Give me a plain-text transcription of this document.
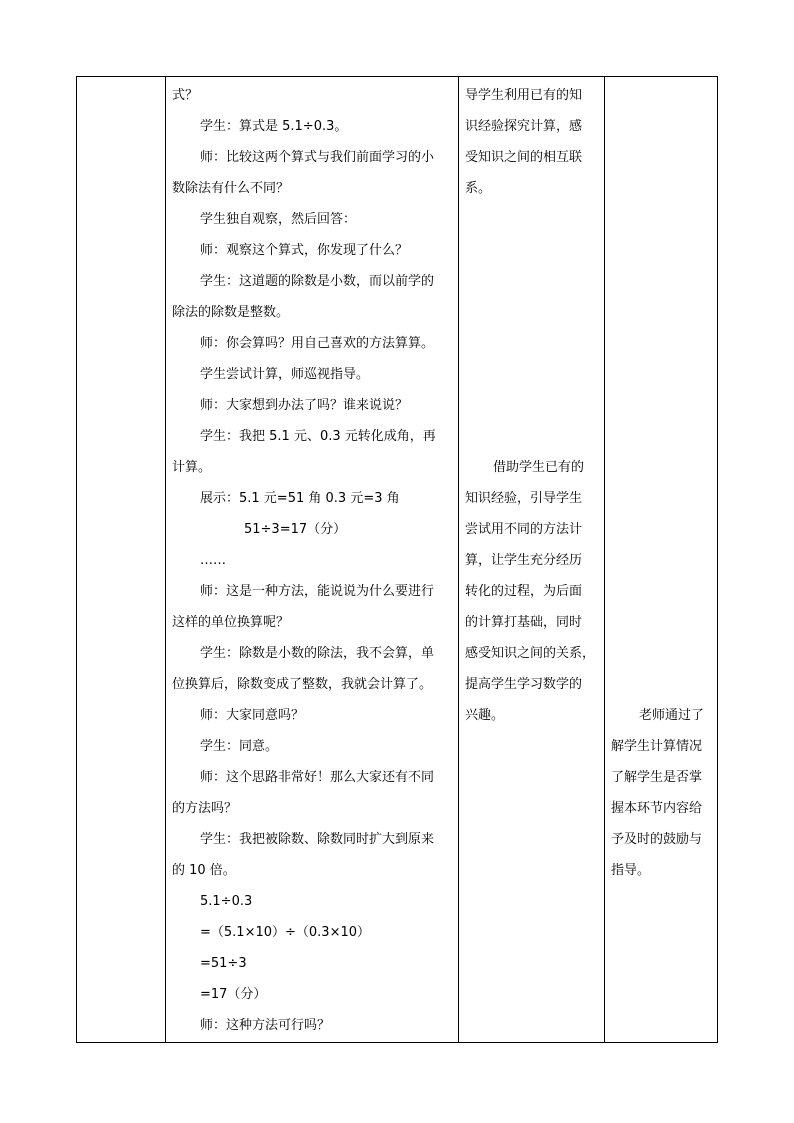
式？
学生：算式是 5.1÷0.3。
师：比较这两个算式与我们前面学习的小
数除法有什么不同？
学生独自观察，然后回答：
师：观察这个算式，你发现了什么？
学生：这道题的除数是小数，而以前学的
除法的除数是整数。
师：你会算吗？用自己喜欢的方法算算。
学生尝试计算，师巡视指导。
师：大家想到办法了吗？谁来说说？
学生：我把 5.1 元、0.3 元转化成角，再
计算。
展示：5.1 元=51 角 0.3 元=3 角
51÷3=17（分）
……
师：这是一种方法，能说说为什么要进行
这样的单位换算呢？
学生：除数是小数的除法，我不会算，单
位换算后，除数变成了整数，我就会计算了。
师：大家同意吗？
学生：同意。
师：这个思路非常好！那么大家还有不同
的方法吗？
学生：我把被除数、除数同时扩大到原来
的 10 倍。
5.1÷0.3
=（5.1×10）÷（0.3×10）
=51÷3
=17（分）
师：这种方法可行吗？
导学生利用已有的知
识经验探究计算，感
受知识之间的相互联
系。
借助学生已有的
知识经验，引导学生
尝试用不同的方法计
算，让学生充分经历
转化的过程，为后面
的计算打基础，同时
感受知识之间的关系，
提高学生学习数学的
兴趣。	老师通过了
解学生计算情况
了解学生是否掌
握本环节内容给
予及时的鼓励与
指导。
